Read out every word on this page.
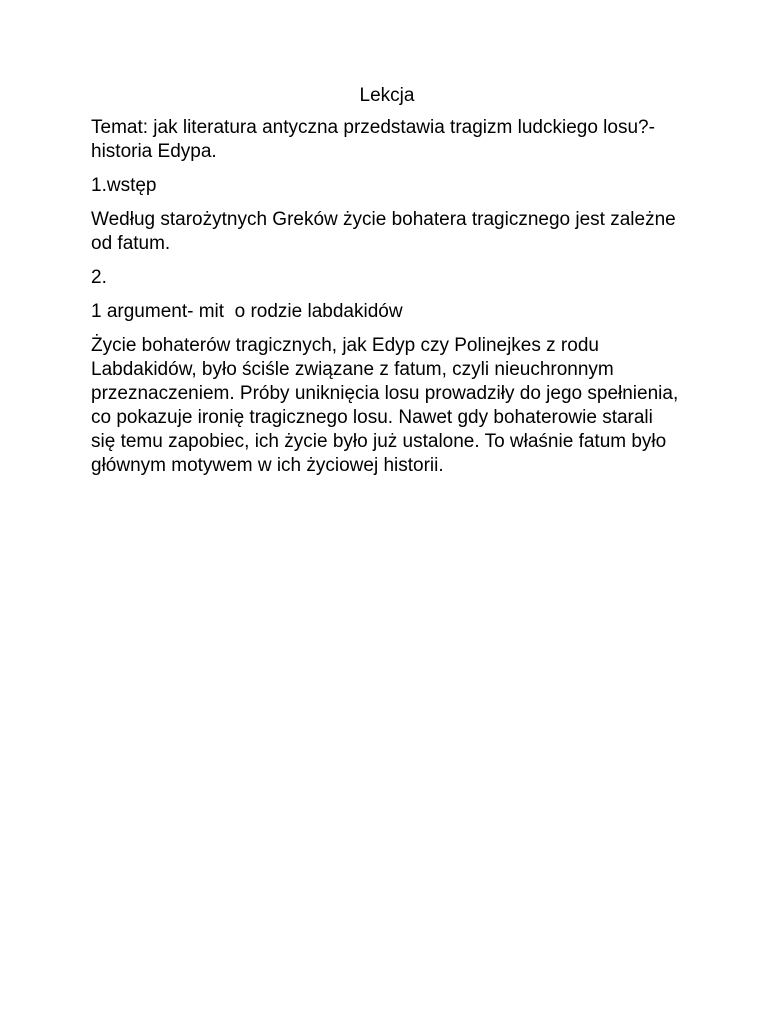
Lekcja

Temat: jak literatura antyczna przedstawia tragizm ludckiego losu?-historia Edypa.

1.wstęp

Według starożytnych Greków życie bohatera tragicznego jest zależne od fatum.

2.

1 argument- mit  o rodzie labdakidów

Życie bohaterów tragicznych, jak Edyp czy Polinejkes z rodu Labdakidów, było ściśle związane z fatum, czyli nieuchronnym przeznaczeniem. Próby uniknięcia losu prowadziły do jego spełnienia, co pokazuje ironię tragicznego losu. Nawet gdy bohaterowie starali się temu zapobiec, ich życie było już ustalone. To właśnie fatum było głównym motywem w ich życiowej historii.
